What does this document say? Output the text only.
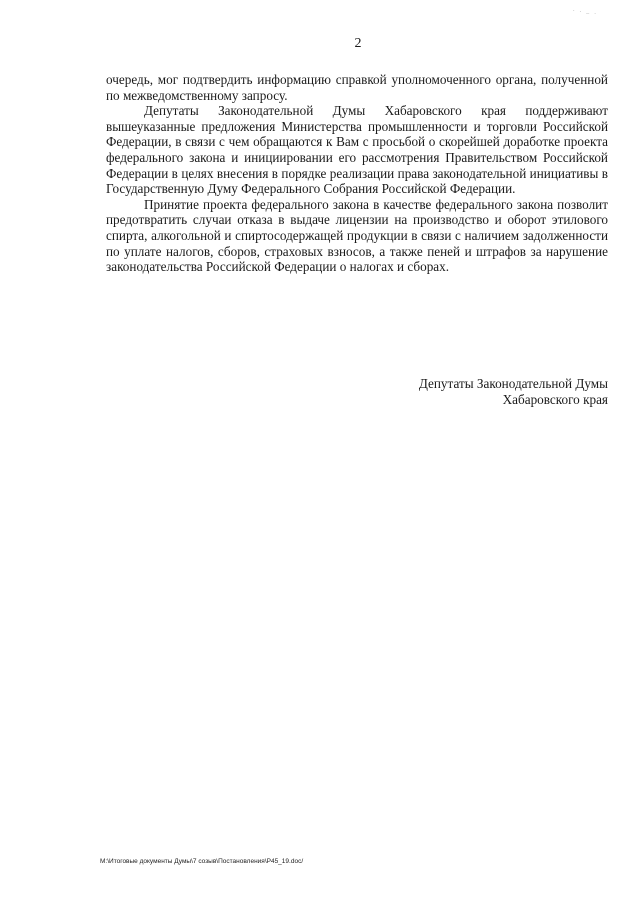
2
˙ ˙ ⁻ ˙

очередь, мог подтвердить информацию справкой уполномоченного органа, полученной по межведомственному запросу.

Депутаты Законодательной Думы Хабаровского края поддерживают вышеуказанные предложения Министерства промышленности и торговли Российской Федерации, в связи с чем обращаются к Вам с просьбой о скорейшей доработке проекта федерального закона и инициировании его рассмотрения Правительством Российской Федерации в целях внесения в порядке реализации права законодательной инициативы в Государственную Думу Федерального Собрания Российской Федерации.

Принятие проекта федерального закона в качестве федерального закона позволит предотвратить случаи отказа в выдаче лицензии на производство и оборот этилового спирта, алкогольной и спиртосодержащей продукции в связи с наличием задолженности по уплате налогов, сборов, страховых взносов, а также пеней и штрафов за нарушение законодательства Российской Федерации о налогах и сборах.

Депутаты Законодательной Думы
Хабаровского края
M:\Итоговые документы Думы\7 созыв\Постановления\Р45_19.doc/
